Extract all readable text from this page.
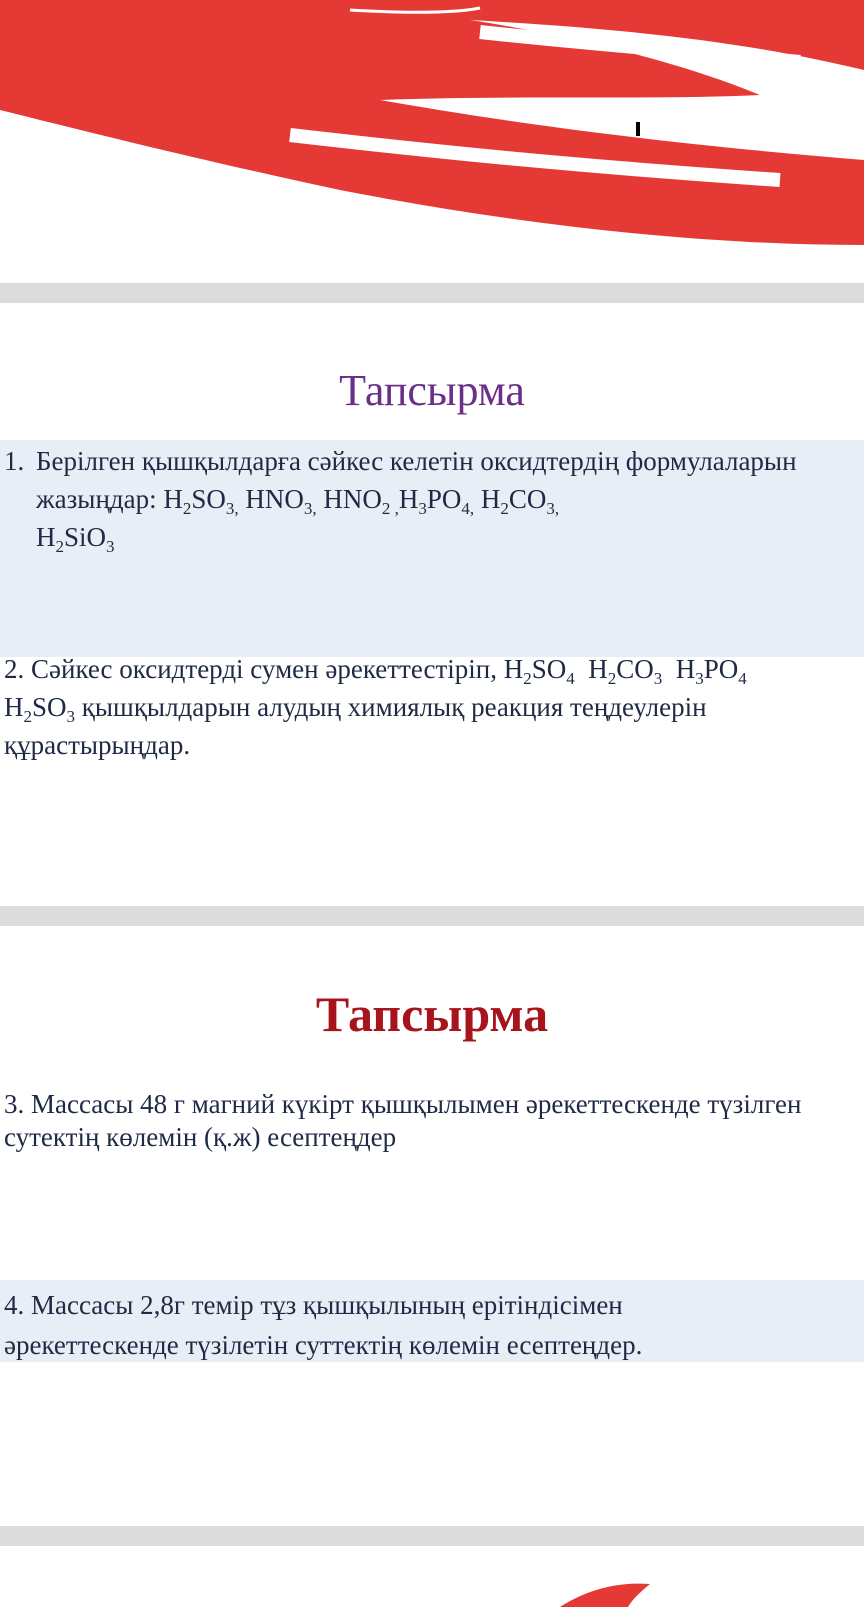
Тапсырма
1. Берілген қышқылдарға сәйкес келетін оксидтердің формулаларын жазыңдар: $H_2SO_{3,}$ $HNO_{3,}$ $HNO_{2 ,}H_3PO_{4,}$ $H_2CO_{3,}$
$H_2SiO_3$
2. Сәйкес оксидтерді сумен әрекеттестіріп, $H_2SO_4$  $H_2CO_3$  $H_3PO_4$
$H_2SO_3$ қышқылдарын алудың химиялық реакция теңдеулерін құрастырыңдар.
Тапсырма
3. Массасы 48 г магний күкірт қышқылымен әрекеттескенде түзілген сутектің көлемін (қ.ж) есептеңдер
4. Массасы 2,8г темір тұз қышқылының ерітіндісімен
әрекеттескенде түзілетін суттектің көлемін есептеңдер.
